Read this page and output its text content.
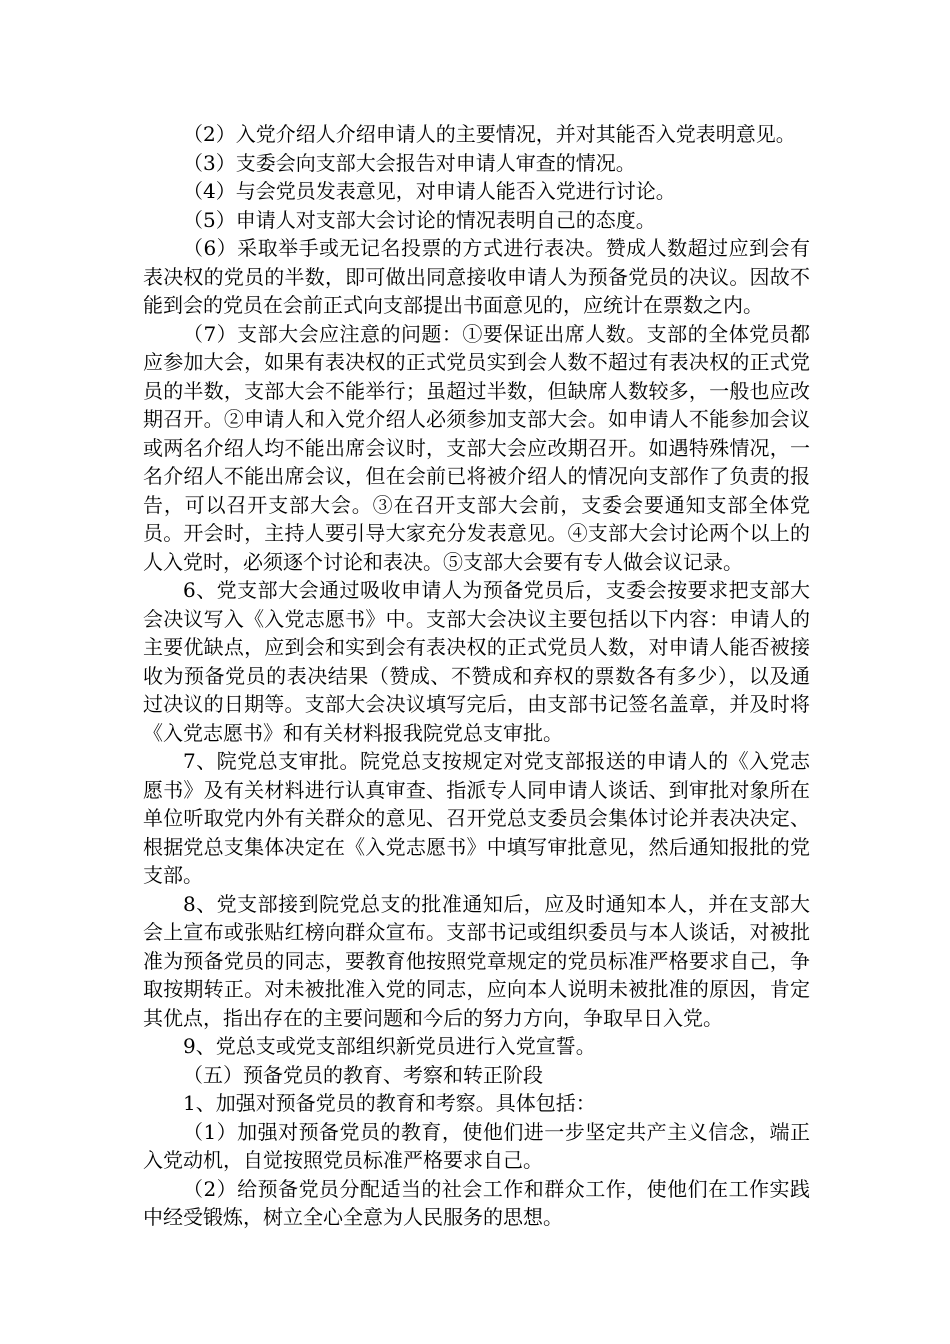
（2）入党介绍人介绍申请人的主要情况，并对其能否入党表明意见。

（3）支委会向支部大会报告对申请人审查的情况。

（4）与会党员发表意见，对申请人能否入党进行讨论。

（5）申请人对支部大会讨论的情况表明自己的态度。

（6）采取举手或无记名投票的方式进行表决。赞成人数超过应到会有表决权的党员的半数，即可做出同意接收申请人为预备党员的决议。因故不能到会的党员在会前正式向支部提出书面意见的，应统计在票数之内。

（7）支部大会应注意的问题：①要保证出席人数。支部的全体党员都应参加大会，如果有表决权的正式党员实到会人数不超过有表决权的正式党员的半数，支部大会不能举行；虽超过半数，但缺席人数较多，一般也应改期召开。②申请人和入党介绍人必须参加支部大会。如申请人不能参加会议或两名介绍人均不能出席会议时，支部大会应改期召开。如遇特殊情况，一名介绍人不能出席会议，但在会前已将被介绍人的情况向支部作了负责的报告，可以召开支部大会。③在召开支部大会前，支委会要通知支部全体党员。开会时，主持人要引导大家充分发表意见。④支部大会讨论两个以上的人入党时，必须逐个讨论和表决。⑤支部大会要有专人做会议记录。

6、党支部大会通过吸收申请人为预备党员后，支委会按要求把支部大会决议写入《入党志愿书》中。支部大会决议主要包括以下内容：申请人的主要优缺点，应到会和实到会有表决权的正式党员人数，对申请人能否被接收为预备党员的表决结果（赞成、不赞成和弃权的票数各有多少），以及通过决议的日期等。支部大会决议填写完后，由支部书记签名盖章，并及时将《入党志愿书》和有关材料报我院党总支审批。

7、院党总支审批。院党总支按规定对党支部报送的申请人的《入党志愿书》及有关材料进行认真审查、指派专人同申请人谈话、到审批对象所在单位听取党内外有关群众的意见、召开党总支委员会集体讨论并表决决定、根据党总支集体决定在《入党志愿书》中填写审批意见，然后通知报批的党支部。

8、党支部接到院党总支的批准通知后，应及时通知本人，并在支部大会上宣布或张贴红榜向群众宣布。支部书记或组织委员与本人谈话，对被批准为预备党员的同志，要教育他按照党章规定的党员标准严格要求自己，争取按期转正。对未被批准入党的同志，应向本人说明未被批准的原因，肯定其优点，指出存在的主要问题和今后的努力方向，争取早日入党。

9、党总支或党支部组织新党员进行入党宣誓。

（五）预备党员的教育、考察和转正阶段

1、加强对预备党员的教育和考察。具体包括：

（1）加强对预备党员的教育，使他们进一步坚定共产主义信念，端正入党动机，自觉按照党员标准严格要求自己。

（2）给预备党员分配适当的社会工作和群众工作，使他们在工作实践中经受锻炼，树立全心全意为人民服务的思想。
